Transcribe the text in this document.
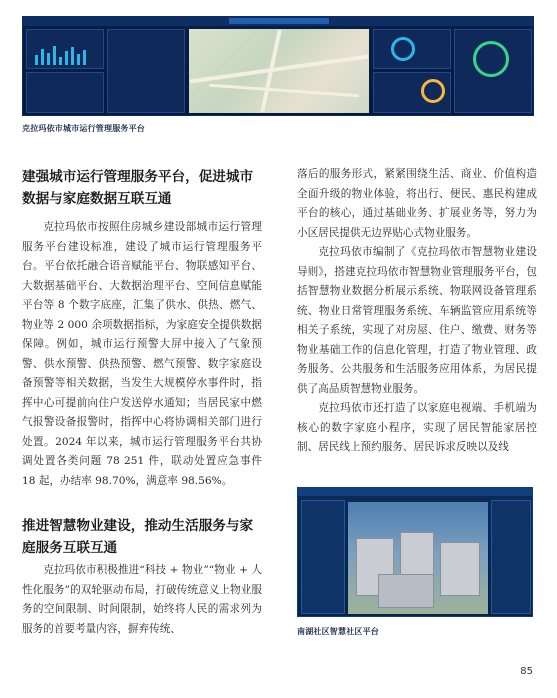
克拉玛依市城市运行管理服务平台
建强城市运行管理服务平台，促进城市数据与家庭数据互联互通

克拉玛依市按照住房城乡建设部城市运行管理服务平台建设标准，建设了城市运行管理服务平台。平台依托融合语音赋能平台、物联感知平台、大数据基础平台、大数据治理平台、空间信息赋能平台等 8 个数字底座，汇集了供水、供热、燃气、物业等 2 000 余项数据指标，为家庭安全提供数据保障。例如，城市运行预警大屏中接入了气象预警、供水预警、供热预警、燃气预警、数字家庭设备预警等相关数据，当发生大规模停水事件时，指挥中心可提前向住户发送停水通知；当居民家中燃气报警设备报警时，指挥中心将协调相关部门进行处置。2024 年以来，城市运行管理服务平台共协调处置各类问题 78 251 件，联动处置应急事件 18 起，办结率 98.70%，满意率 98.56%。

推进智慧物业建设，推动生活服务与家庭服务互联互通

克拉玛依市积极推进“科技 + 物业”“物业 + 人性化服务”的双轮驱动布局，打破传统意义上物业服务的空间限制、时间限制，始终将人民的需求列为服务的首要考量内容，摒弃传统、

落后的服务形式，紧紧围绕生活、商业、价值构造全面升级的物业体验，将出行、便民、惠民构建成平台的核心，通过基础业务、扩展业务等，努力为小区居民提供无边界贴心式物业服务。

克拉玛依市编制了《克拉玛依市智慧物业建设导则》，搭建克拉玛依市智慧物业管理服务平台，包括智慧物业数据分析展示系统、物联网设备管理系统、物业日常管理服务系统、车辆监管应用系统等相关子系统，实现了对房屋、住户、缴费、财务等物业基础工作的信息化管理，打造了物业管理、政务服务、公共服务和生活服务应用体系，为居民提供了高品质智慧物业服务。

克拉玛依市还打造了以家庭电视端、手机端为核心的数字家庭小程序，实现了居民智能家居控制、居民线上预约服务、居民诉求反映以及线

南湖社区智慧社区平台
85
